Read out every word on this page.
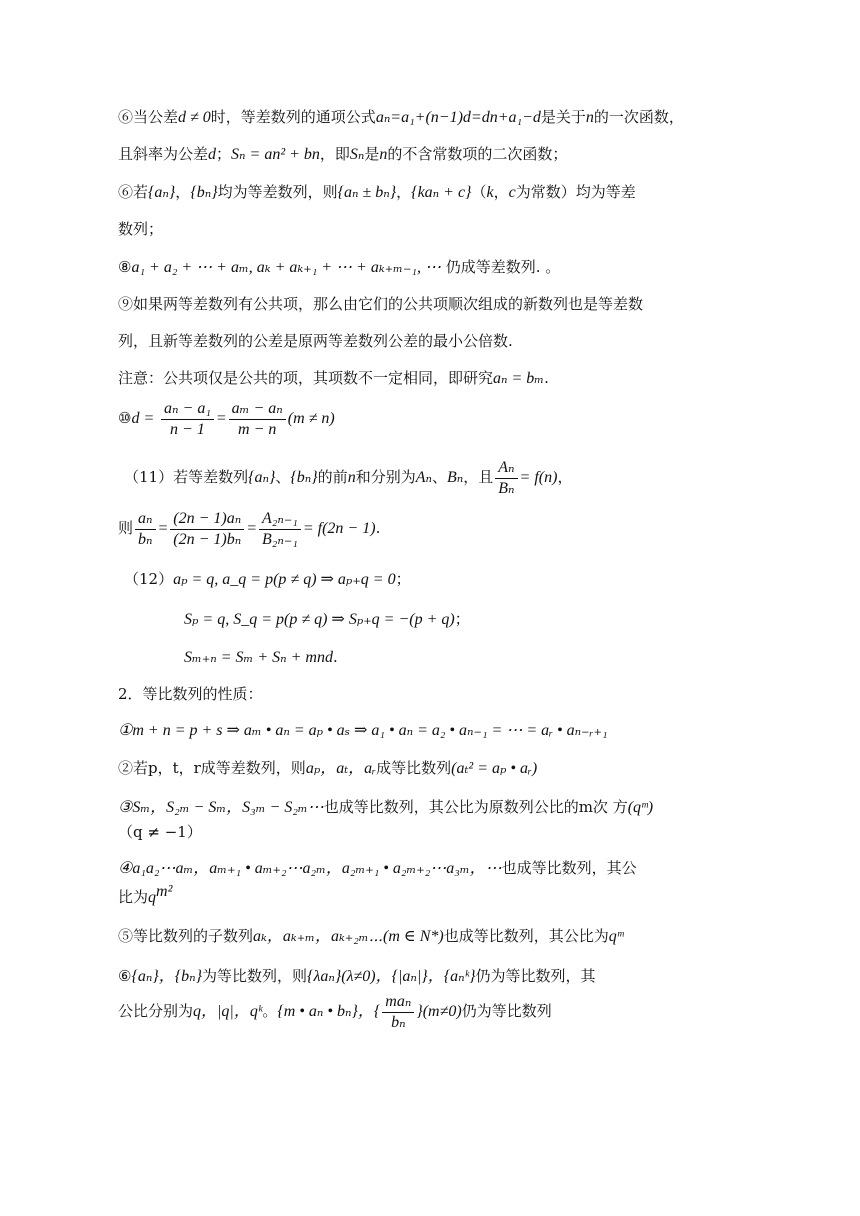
⑥当公差d ≠ 0时，等差数列的通项公式aₙ=a₁+(n−1)d=dn+a₁−d是关于n的一次函数，
且斜率为公差d；Sₙ = an² + bn，即Sₙ是n的不含常数项的二次函数；
⑥若{aₙ}，{bₙ}均为等差数列，则{aₙ ± bₙ}，{kaₙ + c}（k，c为常数）均为等差
数列；
⑧a₁ + a₂ + ⋯ + aₘ, aₖ + aₖ₊₁ + ⋯ + aₖ₊ₘ₋₁, ⋯ 仍成等差数列. 。
⑨如果两等差数列有公共项，那么由它们的公共项顺次组成的新数列也是等差数
列，且新等差数列的公差是原两等差数列公差的最小公倍数.
注意：公共项仅是公共的项，其项数不一定相同，即研究aₙ = bₘ.
⑩d = $\frac{\text{aₙ − a₁}}{n - 1} = \frac{\text{aₘ − aₙ}}{m - n} (m \ne n)$
（11）若等差数列{aₙ}、{bₙ}的前n和分别为Aₙ、Bₙ，且 $\frac{\text{Aₙ}}{\text{Bₙ}} = f(n)$，
则 $\frac{\text{aₙ}}{\text{bₙ}} = \frac{\text{(2n − 1)aₙ}}{\text{(2n − 1)bₙ}} = \frac{\text{A₂ₙ₋₁}}{\text{B₂ₙ₋₁}} = f(2n - 1)$.
（12）aₚ = q, a_q = p(p ≠ q) ⇒ aₚ₊q = 0；
Sₚ = q, S_q = p(p ≠ q) ⇒ Sₚ₊q = −(p + q)；
Sₘ₊ₙ = Sₘ + Sₙ + mnd.
2．等比数列的性质：
①m + n = p + s ⇒ aₘ • aₙ = aₚ • aₛ ⇒ a₁ • aₙ = a₂ • aₙ₋₁ = ⋯ = aᵣ • aₙ₋ᵣ₊₁
②若p，t，r成等差数列，则aₚ，aₜ，aᵣ成等比数列(aₜ² = aₚ • aᵣ)
③Sₘ，S₂ₘ − Sₘ，S₃ₘ − S₂ₘ⋯也成等比数列，其公比为原数列公比的m次 方(qᵐ)
（q ≠ −1）
④a₁a₂⋯aₘ，aₘ₊₁ • aₘ₊₂⋯a₂ₘ，a₂ₘ₊₁ • a₂ₘ₊₂⋯a₃ₘ，⋯也成等比数列，其公
比为$q^{m^2}$
⑤等比数列的子数列aₖ，aₖ₊ₘ，aₖ₊₂ₘ⋯(m ∈ N*)也成等比数列，其公比为qᵐ
⑥{aₙ}，{bₙ}为等比数列，则{λaₙ}(λ≠0)，{|aₙ|}，{aₙᵏ}仍为等比数列，其
公比分别为q，|q|，qᵏ。{m • aₙ • bₙ}，{ $\frac{\text{maₙ}}{\text{bₙ}} \}(m\ne 0)$仍为等比数列
